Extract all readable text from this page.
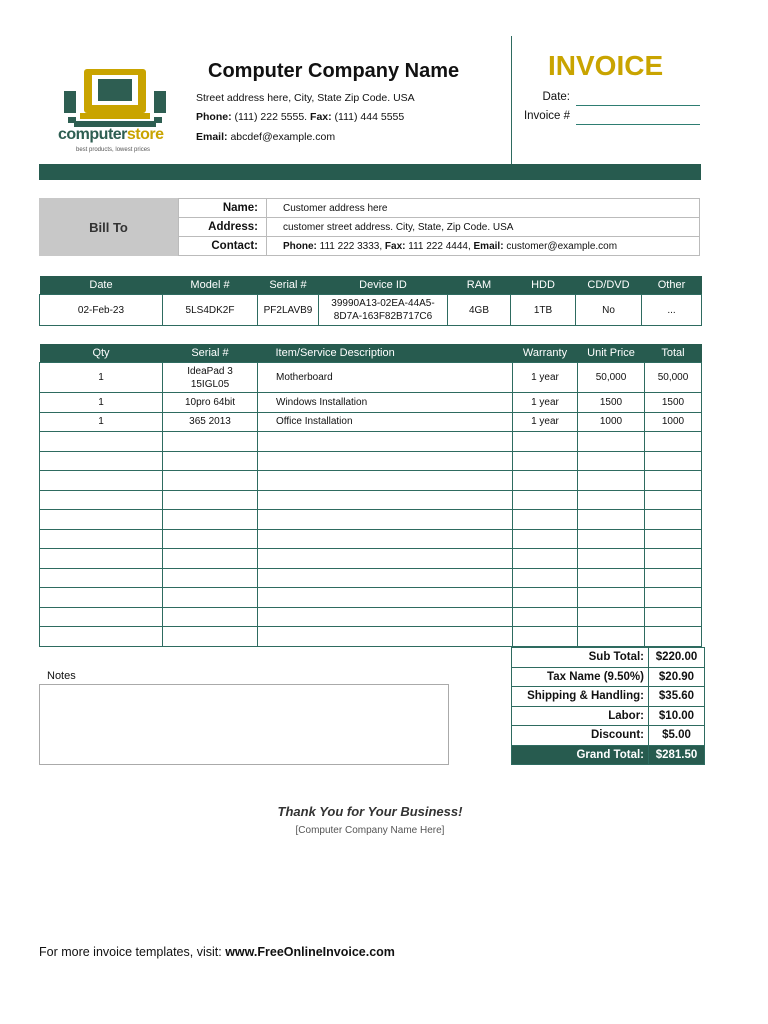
computerstore
best products, lowest prices
Computer Company Name
Street address here, City, State Zip Code. USA
Phone: (111) 222 5555. Fax: (111) 444 5555
Email: abcdef@example.com
INVOICE
Date:
Invoice #
Bill To
Name:	Customer address here
Address:	customer street address. City, State, Zip Code. USA
Contact:	Phone: 111 222 3333, Fax: 111 222 4444, Email: customer@example.com
Date	Model #	Serial #	Device ID	RAM	HDD	CD/DVD	Other
02-Feb-23	5LS4DK2F	PF2LAVB9	39990A13-02EA-44A5-8D7A-163F82B717C6	4GB	1TB	No	...
Qty	Serial #	Item/Service Description	Warranty	Unit Price	Total
1	IdeaPad 3 15IGL05	Motherboard	1 year	50,000	50,000
1	10pro 64bit	Windows Installation	1 year	1500	1500
1	365 2013	Office Installation	1 year	1000	1000

Sub Total:	$220.00
Tax Name (9.50%)	$20.90
Shipping & Handling:	$35.60
Labor:	$10.00
Discount:	$5.00
Grand Total:	$281.50
Notes
Thank You for Your Business!
[Computer Company Name Here]
For more invoice templates, visit: www.FreeOnlineInvoice.com
